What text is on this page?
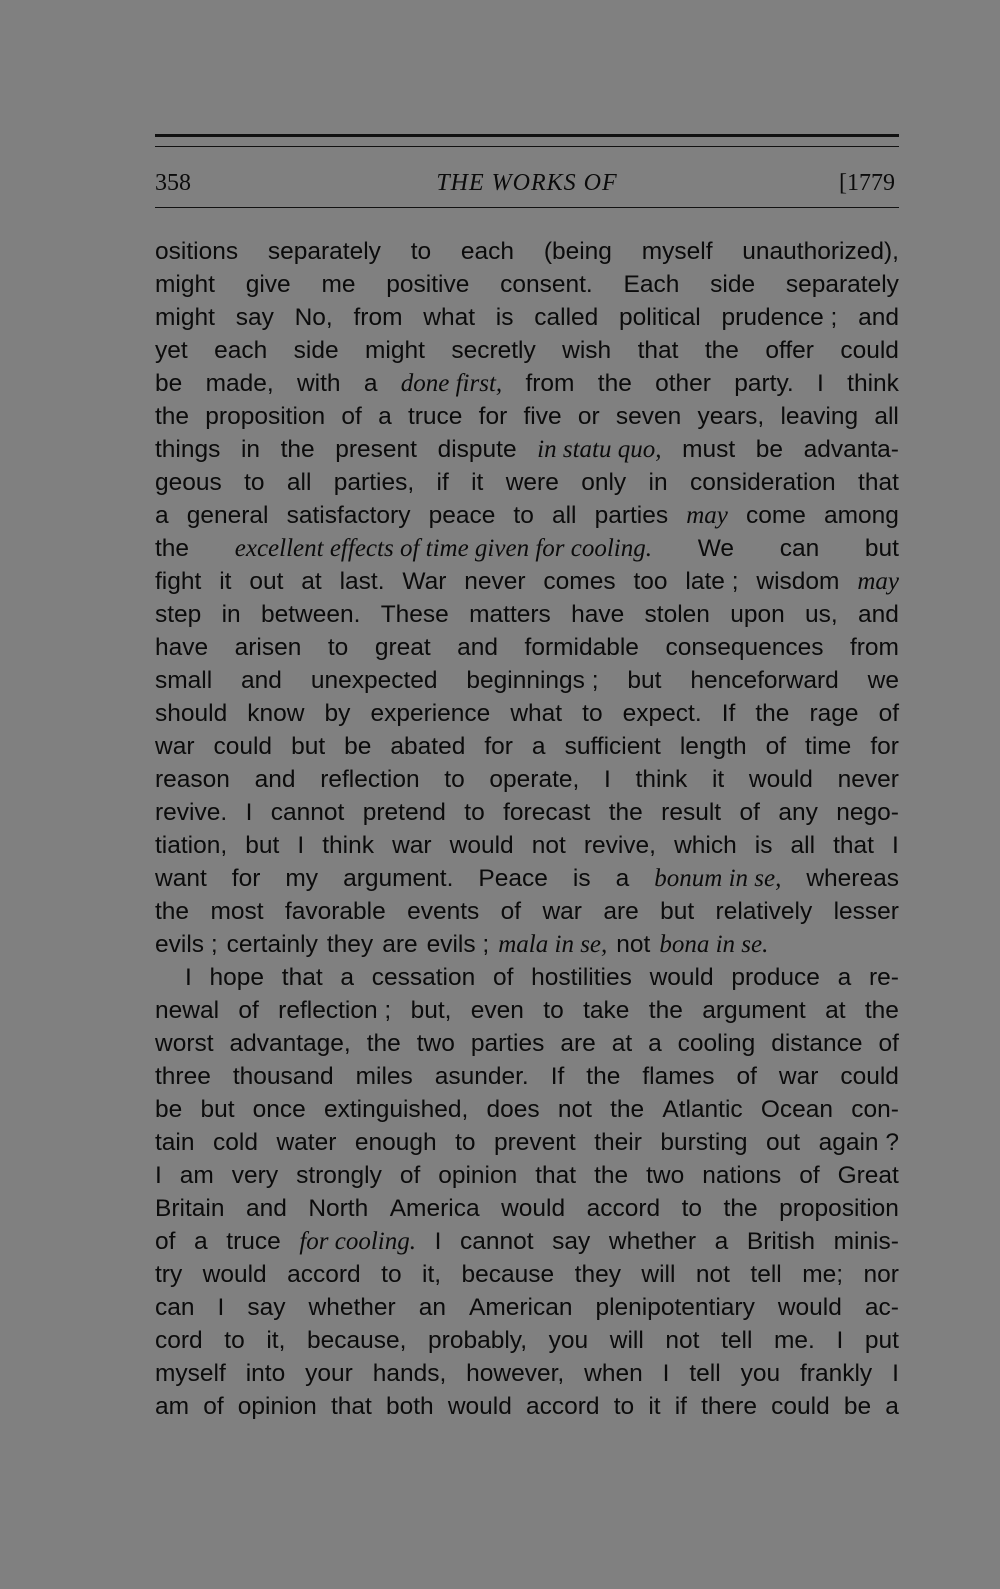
358	THE WORKS OF	[1779
ositions separately to each (being myself unauthorized),
might give me positive consent. Each side separately
might say No, from what is called political prudence ; and
yet each side might secretly wish that the offer could
be made, with a done first, from the other party. I think
the proposition of a truce for five or seven years, leaving all
things in the present dispute in statu quo, must be advanta-
geous to all parties, if it were only in consideration that
a general satisfactory peace to all parties may come among
the excellent effects of time given for cooling. We can but
fight it out at last. War never comes too late ; wisdom may
step in between. These matters have stolen upon us, and
have arisen to great and formidable consequences from
small and unexpected beginnings ; but henceforward we
should know by experience what to expect. If the rage of
war could but be abated for a sufficient length of time for
reason and reflection to operate, I think it would never
revive. I cannot pretend to forecast the result of any nego-
tiation, but I think war would not revive, which is all that I
want for my argument. Peace is a bonum in se, whereas
the most favorable events of war are but relatively lesser
evils ; certainly they are evils ; mala in se, not bona in se.
I hope that a cessation of hostilities would produce a re-
newal of reflection ; but, even to take the argument at the
worst advantage, the two parties are at a cooling distance of
three thousand miles asunder. If the flames of war could
be but once extinguished, does not the Atlantic Ocean con-
tain cold water enough to prevent their bursting out again ?
I am very strongly of opinion that the two nations of Great
Britain and North America would accord to the proposition
of a truce for cooling. I cannot say whether a British minis-
try would accord to it, because they will not tell me; nor
can I say whether an American plenipotentiary would ac-
cord to it, because, probably, you will not tell me. I put
myself into your hands, however, when I tell you frankly I
am of opinion that both would accord to it if there could be a
